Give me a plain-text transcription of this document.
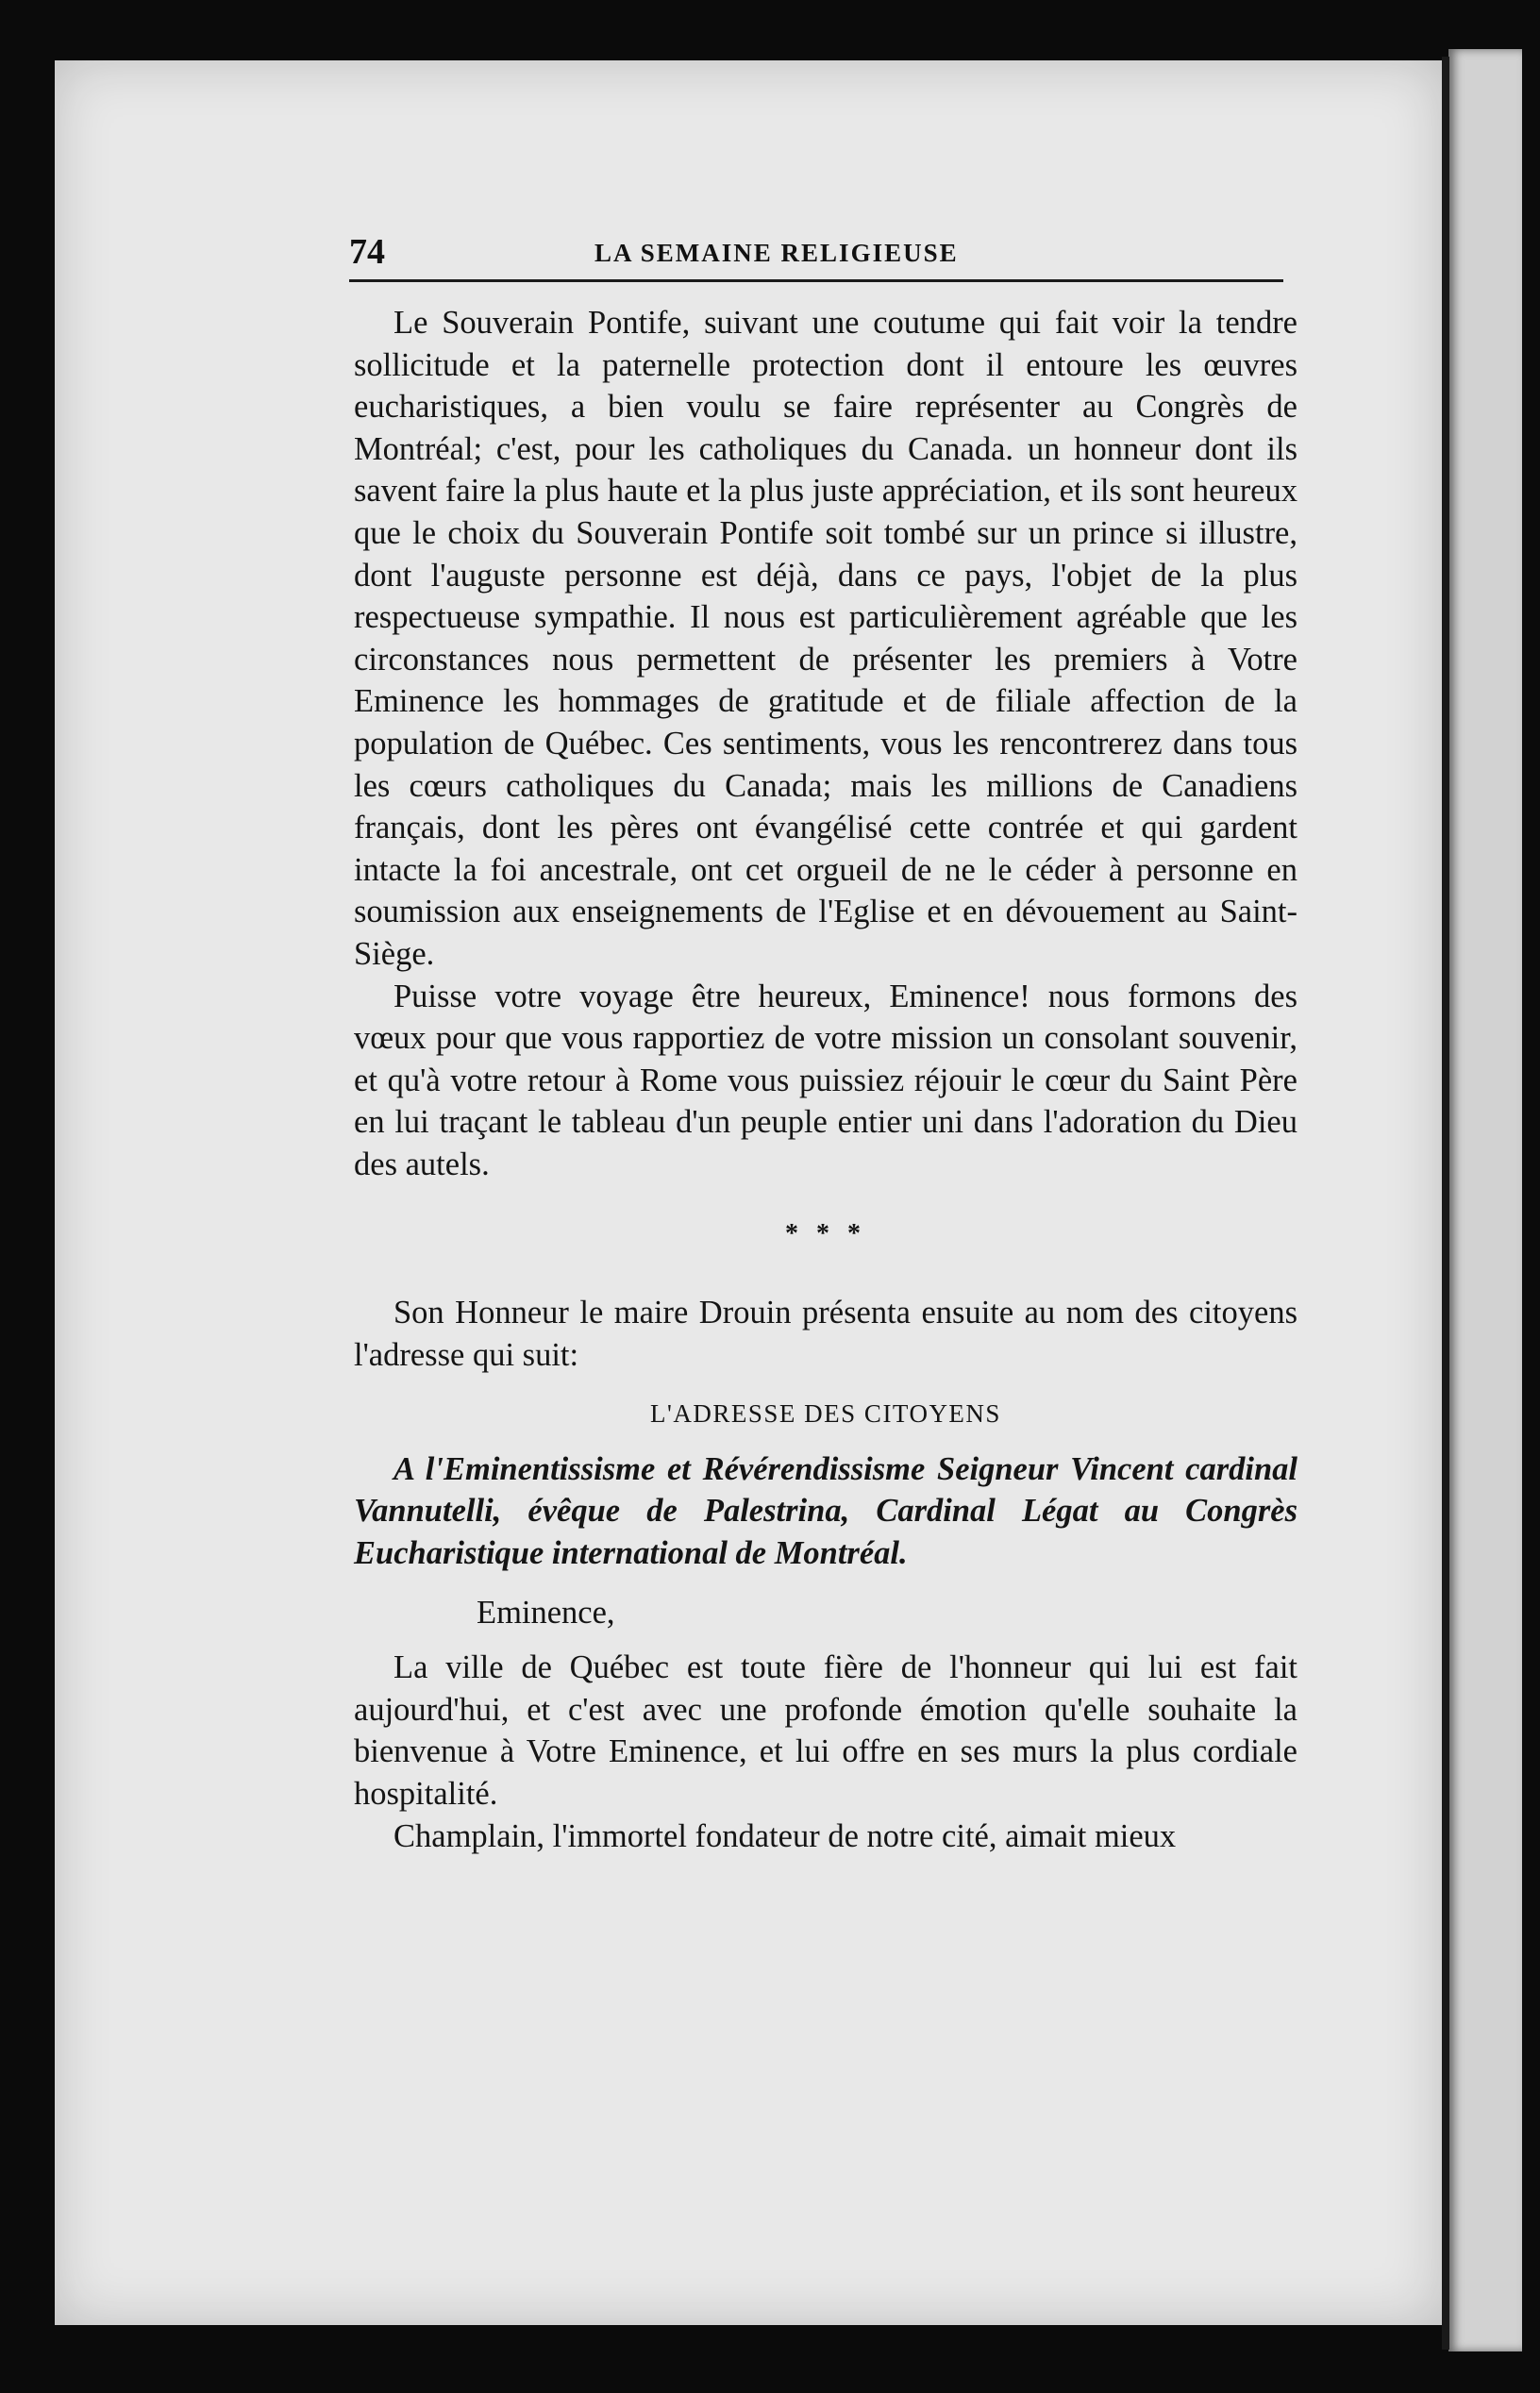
74	LA SEMAINE RELIGIEUSE

Le Souverain Pontife, suivant une coutume qui fait voir la tendre sollicitude et la paternelle protection dont il entoure les œuvres eucharistiques, a bien voulu se faire représenter au Congrès de Montréal; c'est, pour les catholiques du Canada. un honneur dont ils savent faire la plus haute et la plus juste appréciation, et ils sont heureux que le choix du Souverain Pontife soit tombé sur un prince si illustre, dont l'auguste personne est déjà, dans ce pays, l'objet de la plus respectueuse sympathie. Il nous est particulièrement agréable que les circonstances nous permettent de présenter les premiers à Votre Eminence les hommages de gratitude et de filiale affection de la population de Québec. Ces sentiments, vous les rencontrerez dans tous les cœurs catholiques du Canada; mais les millions de Canadiens français, dont les pères ont évangélisé cette contrée et qui gardent intacte la foi ancestrale, ont cet orgueil de ne le céder à personne en soumission aux enseignements de l'Eglise et en dévouement au Saint-Siège.

Puisse votre voyage être heureux, Eminence! nous formons des vœux pour que vous rapportiez de votre mission un consolant souvenir, et qu'à votre retour à Rome vous puissiez réjouir le cœur du Saint Père en lui traçant le tableau d'un peuple entier uni dans l'adoration du Dieu des autels.

* * *

Son Honneur le maire Drouin présenta ensuite au nom des citoyens l'adresse qui suit:

L'ADRESSE DES CITOYENS

A l'Eminentissisme et Révérendissisme Seigneur Vincent cardinal Vannutelli, évêque de Palestrina, Cardinal Légat au Congrès Eucharistique international de Montréal.

Eminence,

La ville de Québec est toute fière de l'honneur qui lui est fait aujourd'hui, et c'est avec une profonde émotion qu'elle souhaite la bienvenue à Votre Eminence, et lui offre en ses murs la plus cordiale hospitalité.

Champlain, l'immortel fondateur de notre cité, aimait mieux
